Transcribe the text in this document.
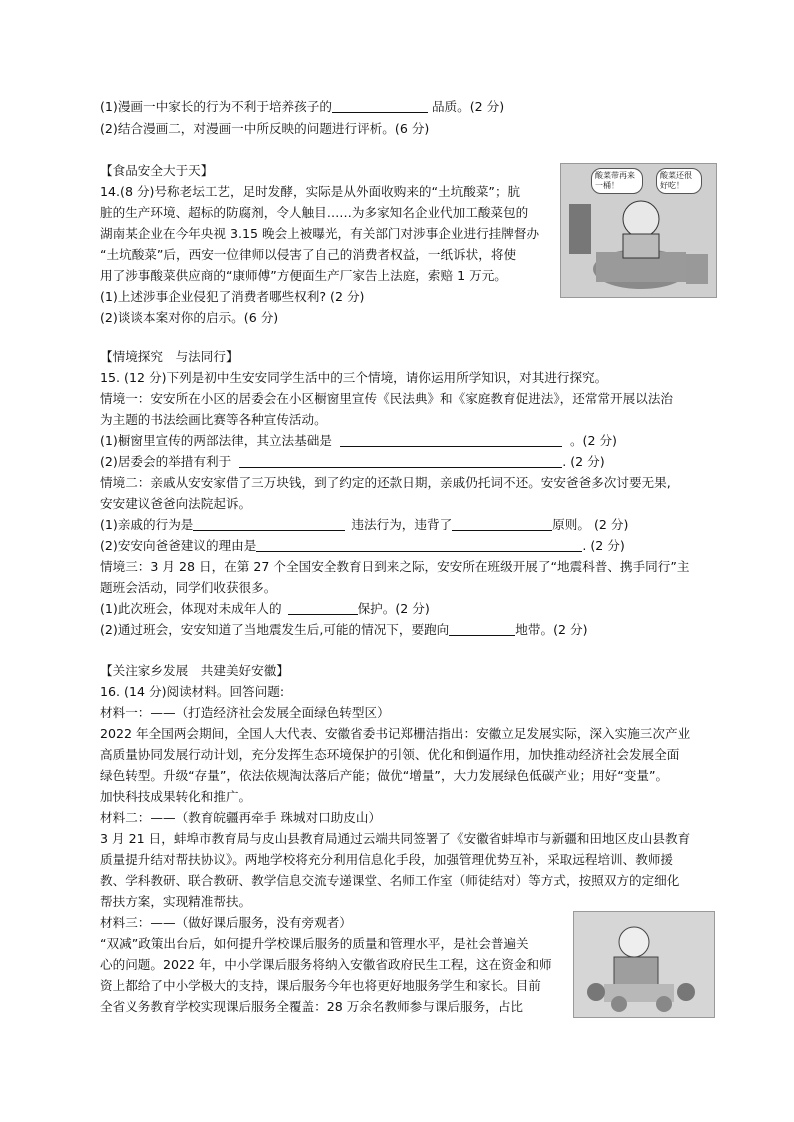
(1)漫画一中家长的行为不利于培养孩子的	品质。(2 分)
(2)结合漫画二，对漫画一中所反映的问题进行评析。(6 分)
【食品安全大于天】
14.(8 分)号称老坛工艺，足时发酵，实际是从外面收购来的“土坑酸菜”；肮
脏的生产环境、超标的防腐剂，令人触目……为多家知名企业代加工酸菜包的
湖南某企业在今年央视 3.15 晚会上被曝光，有关部门对涉事企业进行挂牌督办
“土坑酸菜”后，西安一位律师以侵害了自己的消费者权益，一纸诉状，将使
用了涉事酸菜供应商的“康师傅”方便面生产厂家告上法庭，索赔 1 万元。
(1)上述涉事企业侵犯了消费者哪些权利? (2 分)
(2)谈谈本案对你的启示。(6 分)
酸菜带再来一桶！
酸菜还很好吃！
【情境探究　与法同行】
15. (12 分)下列是初中生安安同学生活中的三个情境，请你运用所学知识，对其进行探究。
情境一：安安所在小区的居委会在小区橱窗里宣传《民法典》和《家庭教育促进法》，还常常开展以法治
为主题的书法绘画比赛等各种宣传活动。
(1)橱窗里宣传的两部法律，其立法基础是	。(2 分)
(2)居委会的举措有利于	. (2 分)
情境二：亲戚从安安家借了三万块钱，到了约定的还款日期，亲戚仍托词不还。安安爸爸多次讨要无果,
安安建议爸爸向法院起诉。
(1)亲戚的行为是	违法行为，违背了	原则。 (2 分)
(2)安安向爸爸建议的理由是	. (2 分)
情境三：3 月 28 日，在第 27 个全国安全教育日到来之际，安安所在班级开展了“地震科普、携手同行”主
题班会活动，同学们收获很多。
(1)此次班会，体现对未成年人的	保护。(2 分)
(2)通过班会，安安知道了当地震发生后,可能的情况下，要跑向	地带。(2 分)
【关注家乡发展　共建美好安徽】
16. (14 分)阅读材料。回答问题:
材料一：——（打造经济社会发展全面绿色转型区）
2022 年全国两会期间，全国人大代表、安徽省委书记郑栅洁指出：安徽立足发展实际，深入实施三次产业
高质量协同发展行动计划，充分发挥生态环境保护的引领、优化和倒逼作用，加快推动经济社会发展全面
绿色转型。升级“存量”，依法依规淘汰落后产能；做优“增量”，大力发展绿色低碳产业；用好“变量”。
加快科技成果转化和推广。
材料二：——（教育皖疆再牵手 珠城对口助皮山）
3 月 21 日，蚌埠市教育局与皮山县教育局通过云端共同签署了《安徽省蚌埠市与新疆和田地区皮山县教育
质量提升结对帮扶协议》。两地学校将充分利用信息化手段，加强管理优势互补，采取远程培训、教师援
教、学科教研、联合教研、教学信息交流专递课堂、名师工作室（师徒结对）等方式，按照双方的定细化
帮扶方案，实现精准帮扶。
材料三：——（做好课后服务，没有旁观者）
“双减”政策出台后，如何提升学校课后服务的质量和管理水平，是社会普遍关
心的问题。2022 年，中小学课后服务将纳入安徽省政府民生工程，这在资金和师
资上都给了中小学极大的支持，课后服务今年也将更好地服务学生和家长。目前
全省义务教育学校实现课后服务全覆盖：28 万余名教师参与课后服务，占比
